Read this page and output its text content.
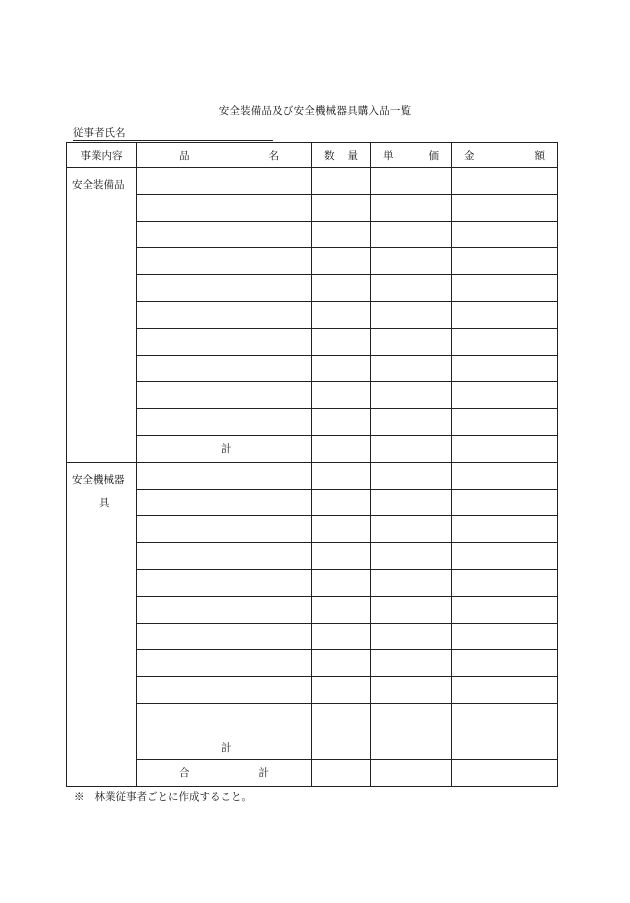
安全装備品及び安全機械器具購入品一覧
従事者氏名
事業内容	品 名	数 量	単 価	金 額

安全装備品				

	計			

安全機械器
具				

	計			

	合 計			

※ 林業従事者ごとに作成すること。
